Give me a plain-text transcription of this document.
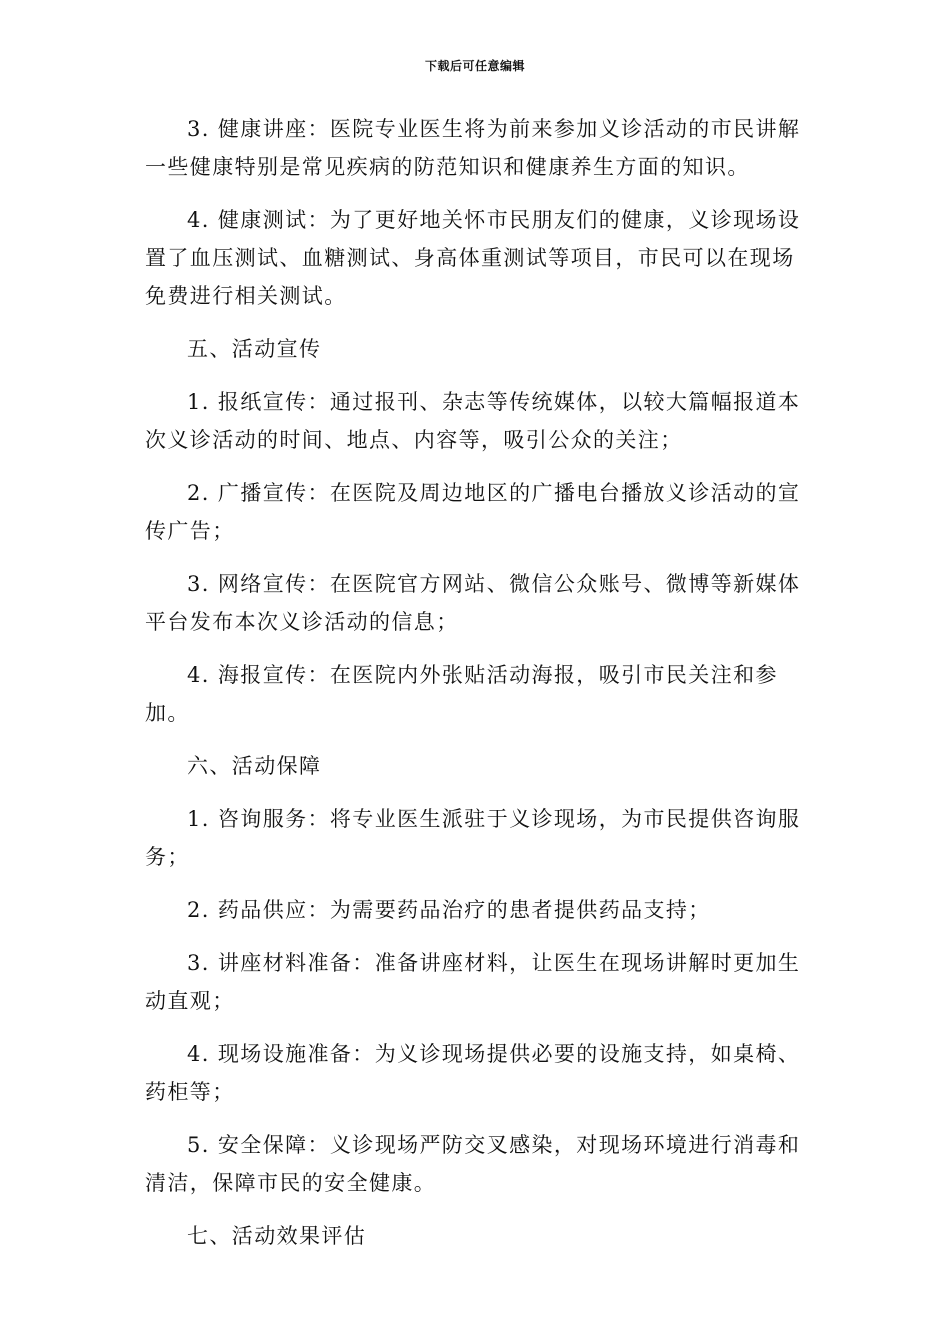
下载后可任意编辑

3. 健康讲座：医院专业医生将为前来参加义诊活动的市民讲解一些健康特别是常见疾病的防范知识和健康养生方面的知识。

4. 健康测试：为了更好地关怀市民朋友们的健康，义诊现场设置了血压测试、血糖测试、身高体重测试等项目，市民可以在现场免费进行相关测试。

五、活动宣传

1. 报纸宣传：通过报刊、杂志等传统媒体，以较大篇幅报道本次义诊活动的时间、地点、内容等，吸引公众的关注；

2. 广播宣传：在医院及周边地区的广播电台播放义诊活动的宣传广告；

3. 网络宣传：在医院官方网站、微信公众账号、微博等新媒体平台发布本次义诊活动的信息；

4. 海报宣传：在医院内外张贴活动海报，吸引市民关注和参加。

六、活动保障

1. 咨询服务：将专业医生派驻于义诊现场，为市民提供咨询服务；

2. 药品供应：为需要药品治疗的患者提供药品支持；

3. 讲座材料准备：准备讲座材料，让医生在现场讲解时更加生动直观；

4. 现场设施准备：为义诊现场提供必要的设施支持，如桌椅、药柜等；

5. 安全保障：义诊现场严防交叉感染，对现场环境进行消毒和清洁，保障市民的安全健康。

七、活动效果评估
